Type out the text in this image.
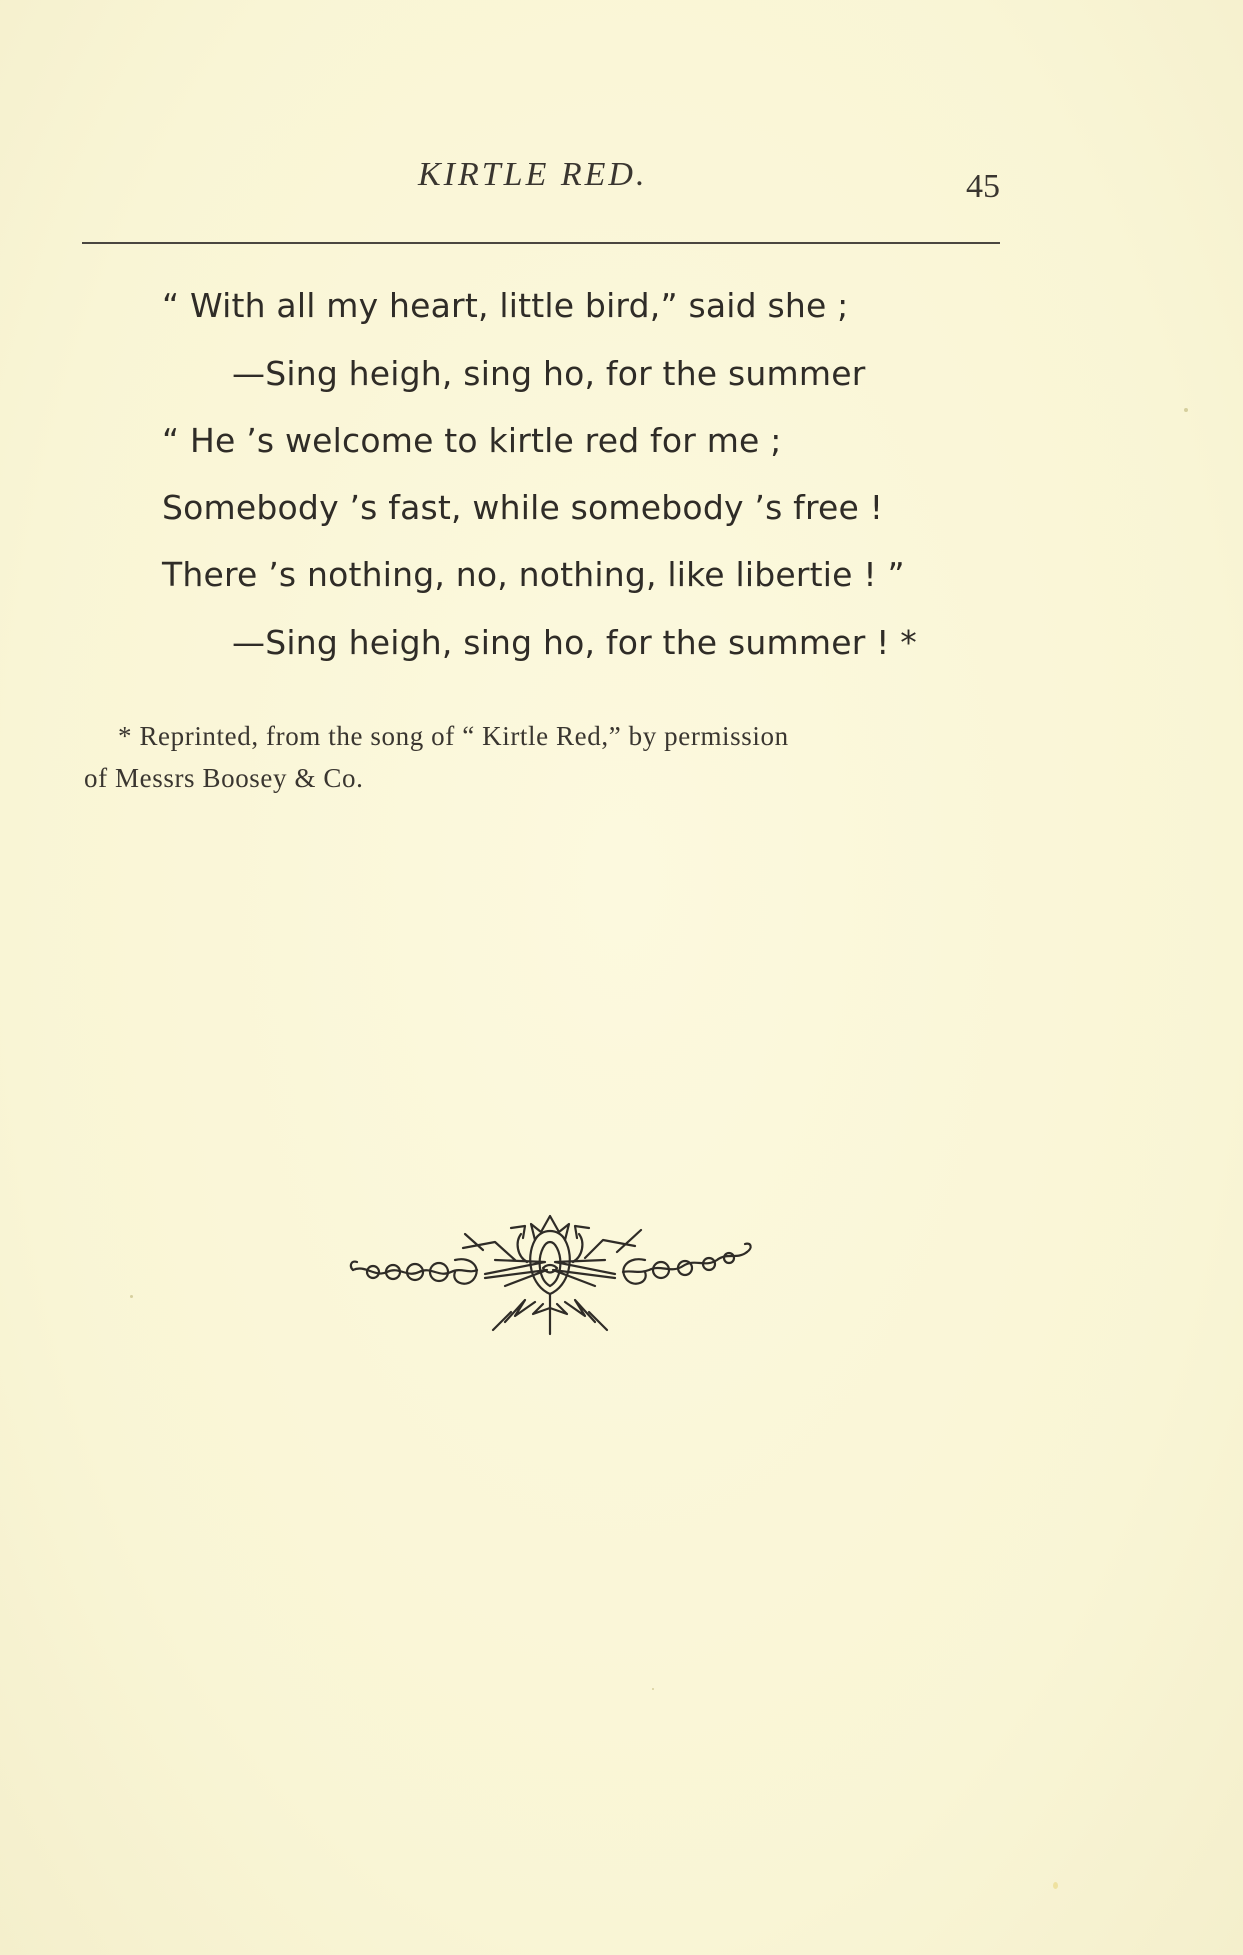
KIRTLE RED.	45
“ With all my heart, little bird,” said she ;
—Sing heigh, sing ho, for the summer
“ He ’s welcome to kirtle red for me ;
Somebody ’s fast, while somebody ’s free !
There ’s nothing, no, nothing, like libertie ! ”
—Sing heigh, sing ho, for the summer ! *
* Reprinted, from the song of “ Kirtle Red,” by permission
of Messrs Boosey & Co.
